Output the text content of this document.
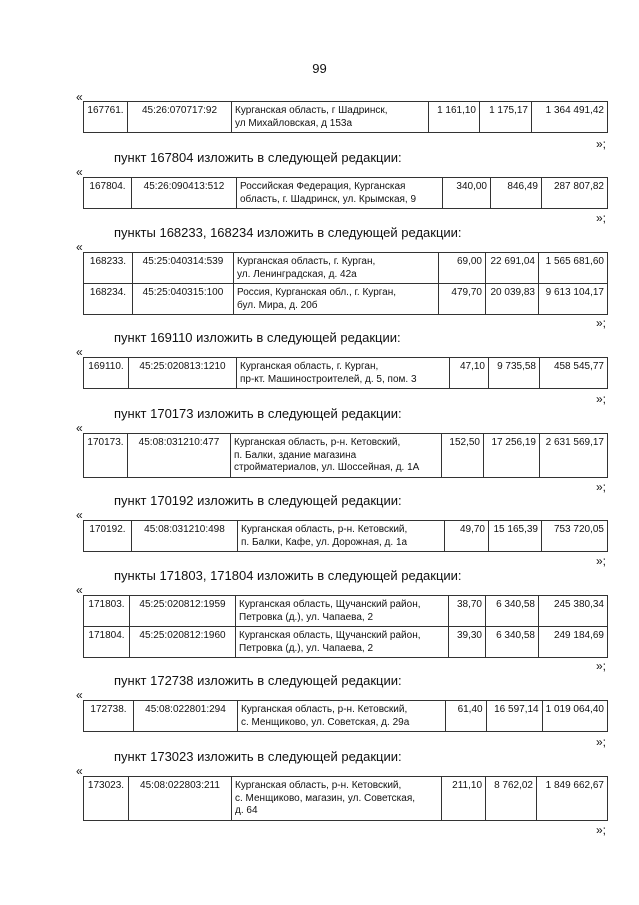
99
«
167761.	45:26:070717:92	Курганская область, г Шадринск,
ул Михайловская, д 153а	1 161,10	1 175,17	1 364 491,42
»;
пункт 167804 изложить в следующей редакции:
«
167804.	45:26:090413:512	Российская Федерация, Курганская
область, г. Шадринск, ул. Крымская, 9	340,00	846,49	287 807,82
»;
пункты 168233, 168234 изложить в следующей редакции:
«
168233.	45:25:040314:539	Курганская область, г. Курган,
ул. Ленинградская, д. 42а	69,00	22 691,04	1 565 681,60
168234.	45:25:040315:100	Россия, Курганская обл., г. Курган,
бул. Мира, д. 20б	479,70	20 039,83	9 613 104,17
»;
пункт 169110 изложить в следующей редакции:
«
169110.	45:25:020813:1210	Курганская область, г. Курган,
пр-кт. Машиностроителей, д. 5, пом. 3	47,10	9 735,58	458 545,77
»;
пункт 170173 изложить в следующей редакции:
«
170173.	45:08:031210:477	Курганская область, р-н. Кетовский,
п. Балки, здание магазина
стройматериалов, ул. Шоссейная, д. 1А	152,50	17 256,19	2 631 569,17
»;
пункт 170192 изложить в следующей редакции:
«
170192.	45:08:031210:498	Курганская область, р-н. Кетовский,
п. Балки, Кафе, ул. Дорожная, д. 1а	49,70	15 165,39	753 720,05
»;
пункты 171803, 171804 изложить в следующей редакции:
«
171803.	45:25:020812:1959	Курганская область, Щучанский район,
Петровка (д.), ул. Чапаева, 2	38,70	6 340,58	245 380,34
171804.	45:25:020812:1960	Курганская область, Щучанский район,
Петровка (д.), ул. Чапаева, 2	39,30	6 340,58	249 184,69
»;
пункт 172738 изложить в следующей редакции:
«
172738.	45:08:022801:294	Курганская область, р-н. Кетовский,
с. Менщиково, ул. Советская, д. 29а	61,40	16 597,14	1 019 064,40
»;
пункт 173023 изложить в следующей редакции:
«
173023.	45:08:022803:211	Курганская область, р-н. Кетовский,
с. Менщиково, магазин, ул. Советская,
д. 64	211,10	8 762,02	1 849 662,67
»;
